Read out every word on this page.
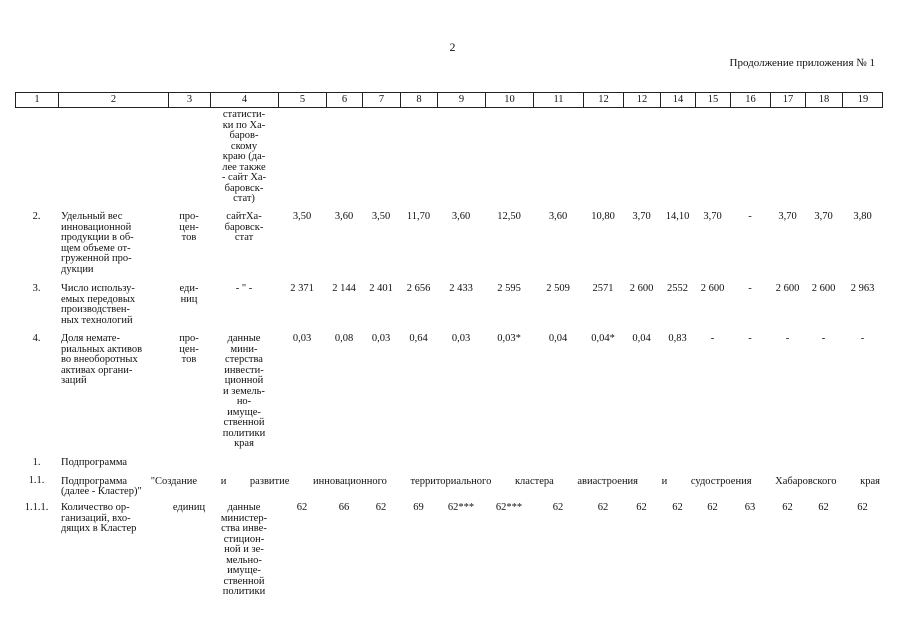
2
Продолжение приложения № 1
1	2	3	4	5	6	7	8	9	10	11	12	12	14	15	16	17	18	19
статисти-
ки по Ха-
баров-
скому
краю (да-
лее также
- сайт Ха-
баровск-
стат)
2.	Удельный вес
инновационной
продукции в об-
щем объеме от-
груженной про-
дукции
про-
цен-
тов
сайтХа-
баровск-
стат
3,50	3,60	3,50	11,70	3,60	12,50	3,60	10,80	3,70	14,10	3,70	-	3,70	3,70	3,80
3.	Число использу-
емых передовых
производствен-
ных технологий
еди-
ниц
- " -	2 371	2 144	2 401	2 656	2 433	2 595	2 509	2571	2 600	2552	2 600	-	2 600	2 600	2 963
4.	Доля немате-
риальных активов
во внеоборотных
активах органи-
заций
про-
цен-
тов
данные
мини-
стерства
инвести-
ционной
и земель-
но-
имуще-
ственной
политики
края
0,03	0,08	0,03	0,64	0,03	0,03*	0,04	0,04*	0,04	0,83	-	-	-	-	-
1.	Подпрограмма
1.1.	Подпрограмма "Создание и развитие инновационного территориального кластера авиастроения и судостроения Хабаровского края
(далее - Кластер)"
1.1.1.	Количество ор-
ганизаций, вхо-
дящих в Кластер
единиц	данные
министер-
ства инве-
стицион-
ной и зе-
мельно-
имуще-
ственной
политики
62	66	62	69	62***	62***	62	62	62	62	62	63	62	62	62
